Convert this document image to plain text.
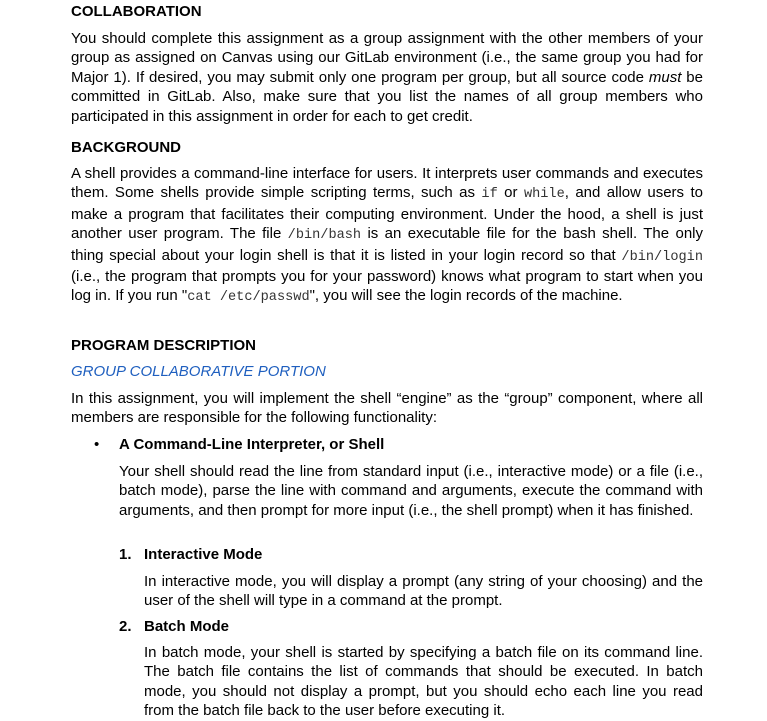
COLLABORATION

You should complete this assignment as a group assignment with the other members of your group as assigned on Canvas using our GitLab environment (i.e., the same group you had for Major 1). If desired, you may submit only one program per group, but all source code must be committed in GitLab. Also, make sure that you list the names of all group members who participated in this assignment in order for each to get credit.

BACKGROUND

A shell provides a command-line interface for users. It interprets user commands and executes them. Some shells provide simple scripting terms, such as if or while, and allow users to make a program that facilitates their computing environment. Under the hood, a shell is just another user program. The file /bin/bash is an executable file for the bash shell. The only thing special about your login shell is that it is listed in your login record so that /bin/login (i.e., the program that prompts you for your password) knows what program to start when you log in. If you run "cat /etc/passwd", you will see the login records of the machine.

PROGRAM DESCRIPTION
GROUP COLLABORATIVE PORTION

In this assignment, you will implement the shell “engine” as the “group” component, where all members are responsible for the following functionality:

•	A Command-Line Interpreter, or Shell

Your shell should read the line from standard input (i.e., interactive mode) or a file (i.e., batch mode), parse the line with command and arguments, execute the command with arguments, and then prompt for more input (i.e., the shell prompt) when it has finished.

1.   Interactive Mode

In interactive mode, you will display a prompt (any string of your choosing) and the user of the shell will type in a command at the prompt.

2.   Batch Mode

In batch mode, your shell is started by specifying a batch file on its command line. The batch file contains the list of commands that should be executed. In batch mode, you should not display a prompt, but you should echo each line you read from the batch file back to the user before executing it.
